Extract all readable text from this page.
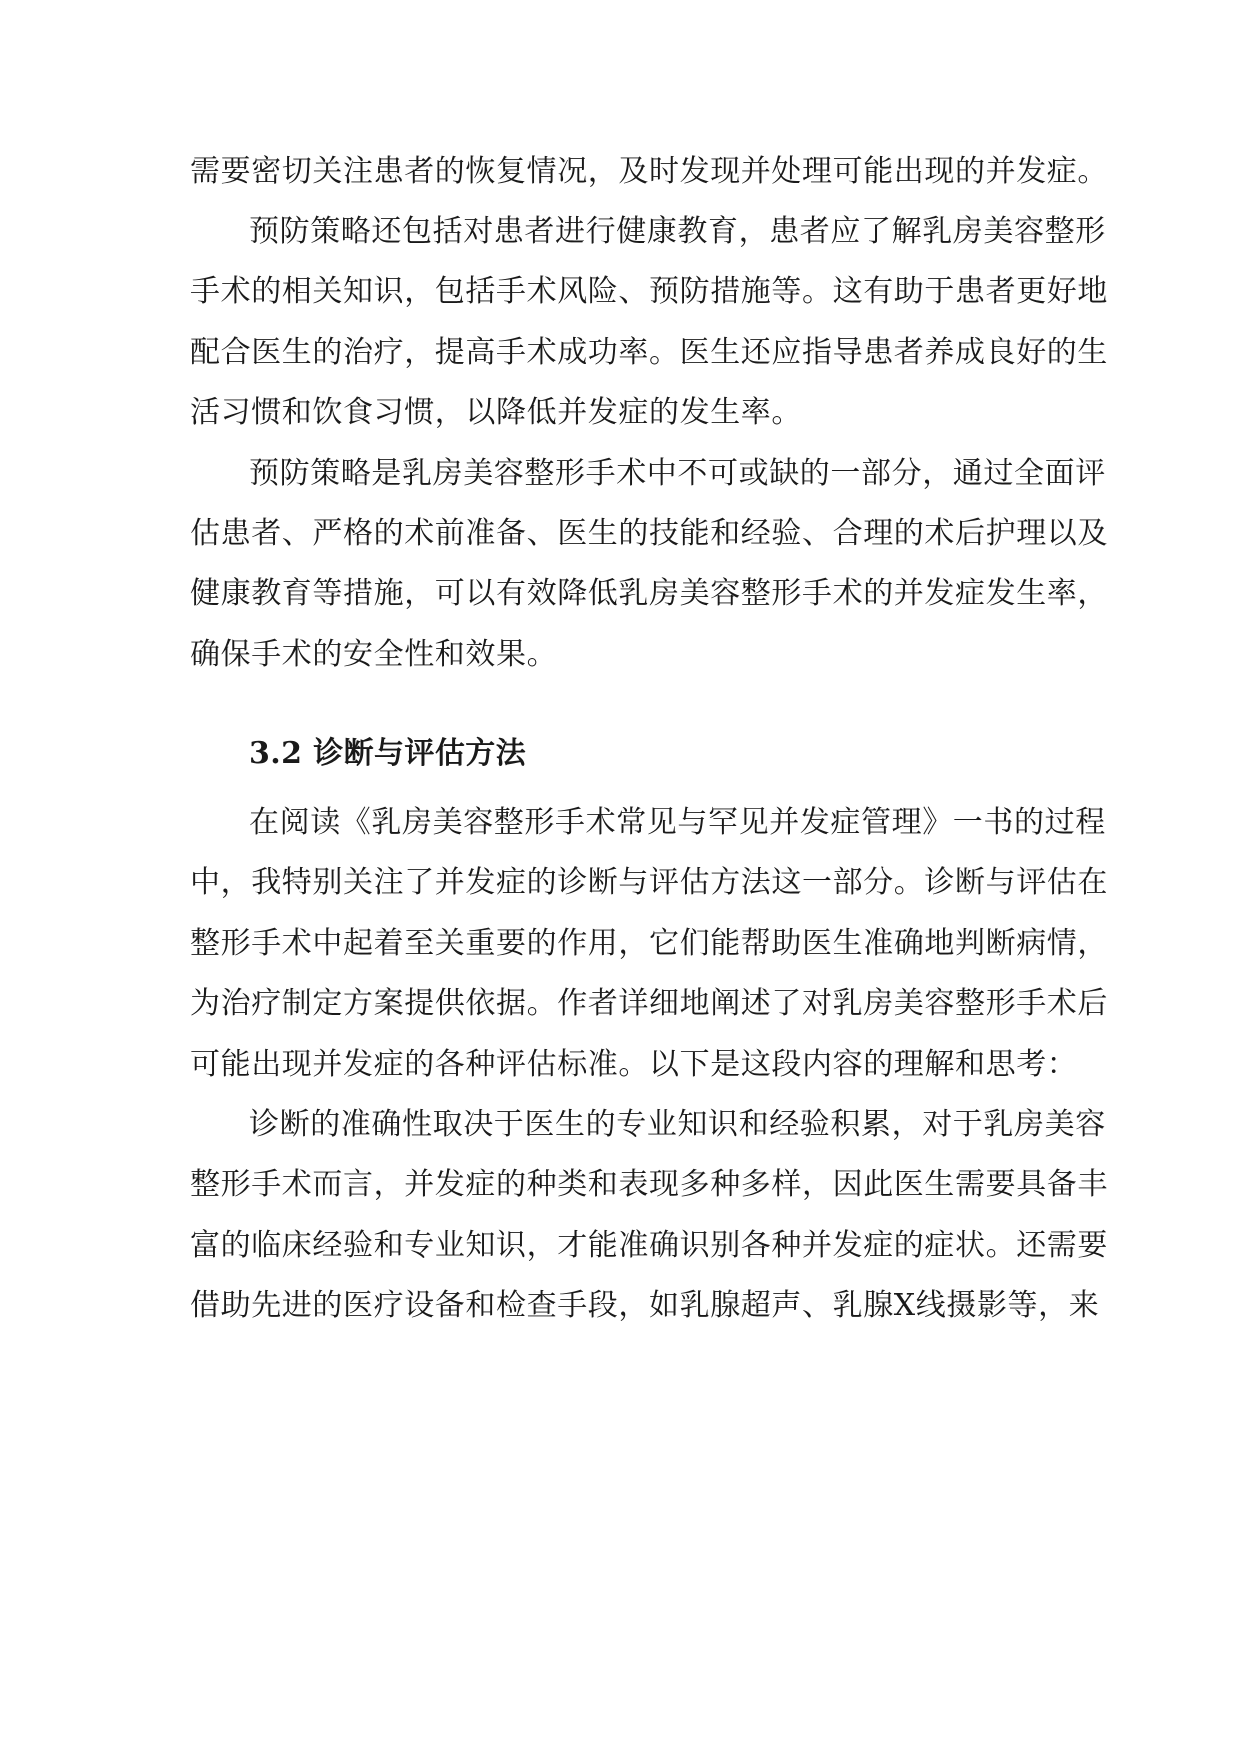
需要密切关注患者的恢复情况，及时发现并处理可能出现的并发症。
预防策略还包括对患者进行健康教育，患者应了解乳房美容整形
手术的相关知识，包括手术风险、预防措施等。这有助于患者更好地
配合医生的治疗，提高手术成功率。医生还应指导患者养成良好的生
活习惯和饮食习惯，以降低并发症的发生率。
预防策略是乳房美容整形手术中不可或缺的一部分，通过全面评
估患者、严格的术前准备、医生的技能和经验、合理的术后护理以及
健康教育等措施，可以有效降低乳房美容整形手术的并发症发生率，
确保手术的安全性和效果。
3.2 诊断与评估方法
在阅读《乳房美容整形手术常见与罕见并发症管理》一书的过程
中，我特别关注了并发症的诊断与评估方法这一部分。诊断与评估在
整形手术中起着至关重要的作用，它们能帮助医生准确地判断病情，
为治疗制定方案提供依据。作者详细地阐述了对乳房美容整形手术后
可能出现并发症的各种评估标准。以下是这段内容的理解和思考：
诊断的准确性取决于医生的专业知识和经验积累，对于乳房美容
整形手术而言，并发症的种类和表现多种多样，因此医生需要具备丰
富的临床经验和专业知识，才能准确识别各种并发症的症状。还需要
借助先进的医疗设备和检查手段，如乳腺超声、乳腺X线摄影等，来
